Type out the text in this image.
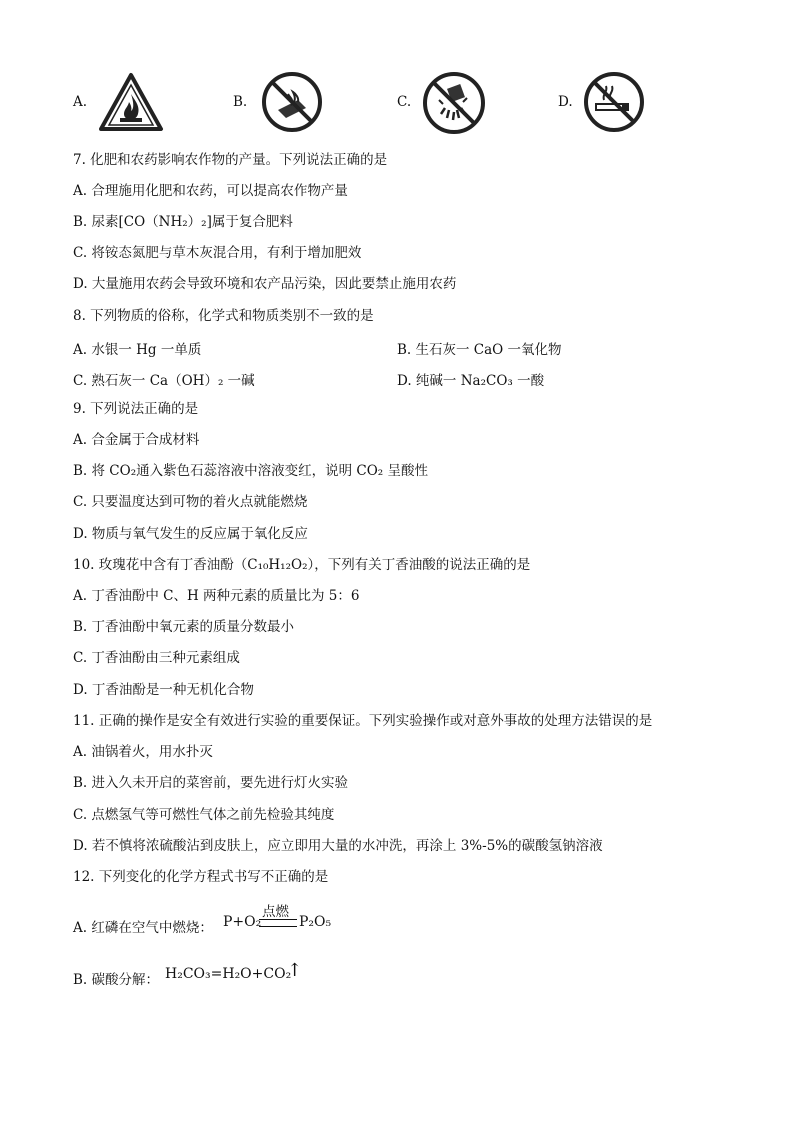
A.	B.	C.	D.
7. 化肥和农药影响农作物的产量。下列说法正确的是
A. 合理施用化肥和农药，可以提高农作物产量
B. 尿素[CO（NH₂）₂]属于复合肥料
C. 将铵态氮肥与草木灰混合用，有利于增加肥效
D. 大量施用农药会导致环境和农产品污染，因此要禁止施用农药
8. 下列物质的俗称，化学式和物质类别不一致的是
A. 水银一 Hg 一单质	B. 生石灰一 CaO 一氧化物
C. 熟石灰一 Ca（OH）₂ 一碱	D. 纯碱一 Na₂CO₃ 一酸
9. 下列说法正确的是
A. 合金属于合成材料
B. 将 CO₂通入紫色石蕊溶液中溶液变红，说明 CO₂ 呈酸性
C. 只要温度达到可物的着火点就能燃烧
D. 物质与氧气发生的反应属于氧化反应
10. 玫瑰花中含有丁香油酚（C₁₀H₁₂O₂），下列有关丁香油酸的说法正确的是
A. 丁香油酚中 C、H 两种元素的质量比为 5：6
B. 丁香油酚中氧元素的质量分数最小
C. 丁香油酚由三种元素组成
D. 丁香油酚是一种无机化合物
11. 正确的操作是安全有效进行实验的重要保证。下列实验操作或对意外事故的处理方法错误的是
A. 油锅着火，用水扑灭
B. 进入久未开启的菜窖前，要先进行灯火实验
C. 点燃氢气等可燃性气体之前先检验其纯度
D. 若不慎将浓硫酸沾到皮肤上，应立即用大量的水冲洗，再涂上 3%-5%的碳酸氢钠溶液
12. 下列变化的化学方程式书写不正确的是
A. 红磷在空气中燃烧： P+O₂
点燃
P₂O₅
B. 碳酸分解： H₂CO₃=H₂O+CO₂
↑
